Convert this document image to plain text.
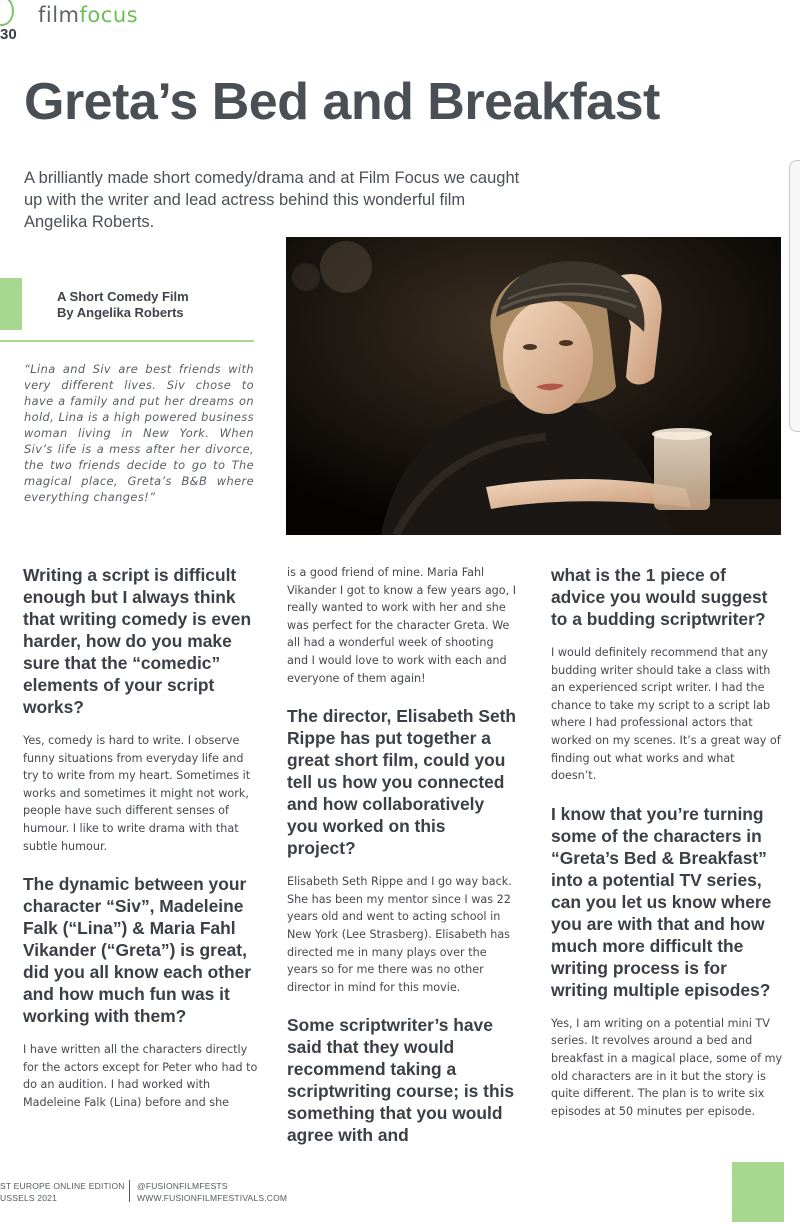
30
filmfocus
Greta’s Bed and Breakfast
A brilliantly made short comedy/drama and at Film Focus we caught up with the writer and lead actress behind this wonderful film Angelika Roberts.
A Short Comedy Film
By Angelika Roberts
“Lina and Siv are best friends with very different lives. Siv chose to have a family and put her dreams on hold, Lina is a high powered business woman living in New York. When Siv’s life is a mess after her divorce, the two friends decide to go to The magical place, Greta’s B&B where everything changes!”

Writing a script is difficult enough but I always think that writing comedy is even harder, how do you make sure that the “comedic” elements of your script works?

Yes, comedy is hard to write. I observe funny situations from everyday life and try to write from my heart. Sometimes it works and sometimes it might not work, people have such different senses of humour. I like to write drama with that subtle humour.

The dynamic between your character “Siv”, Madeleine Falk (“Lina”) & Maria Fahl Vikander (“Greta”) is great, did you all know each other and how much fun was it working with them?

I have written all the characters directly for the actors except for Peter who had to do an audition. I had worked with Madeleine Falk (Lina) before and she

is a good friend of mine. Maria Fahl Vikander I got to know a few years ago, I really wanted to work with her and she was perfect for the character Greta. We all had a wonderful week of shooting and I would love to work with each and everyone of them again!

The director, Elisabeth Seth Rippe has put together a great short film, could you tell us how you connected and how collaboratively you worked on this project?

Elisabeth Seth Rippe and I go way back. She has been my mentor since I was 22 years old and went to acting school in New York (Lee Strasberg). Elisabeth has directed me in many plays over the years so for me there was no other director in mind for this movie.

Some scriptwriter’s have said that they would recommend taking a scriptwriting course; is this something that you would agree with and

what is the 1 piece of advice you would suggest to a budding scriptwriter?

I would definitely recommend that any budding writer should take a class with an experienced script writer. I had the chance to take my script to a script lab where I had professional actors that worked on my scenes. It’s a great way of finding out what works and what doesn’t.

I know that you’re turning some of the characters in “Greta’s Bed & Breakfast” into a potential TV series, can you let us know where you are with that and how much more difficult the writing process is for writing multiple episodes?

Yes, I am writing on a potential mini TV series. It revolves around a bed and breakfast in a magical place, some of my old characters are in it but the story is quite different. The plan is to write six episodes at 50 minutes per episode.

ST EUROPE ONLINE EDITION
USSELS 2021
@FUSIONFILMFESTS
WWW.FUSIONFILMFESTIVALS.COM
